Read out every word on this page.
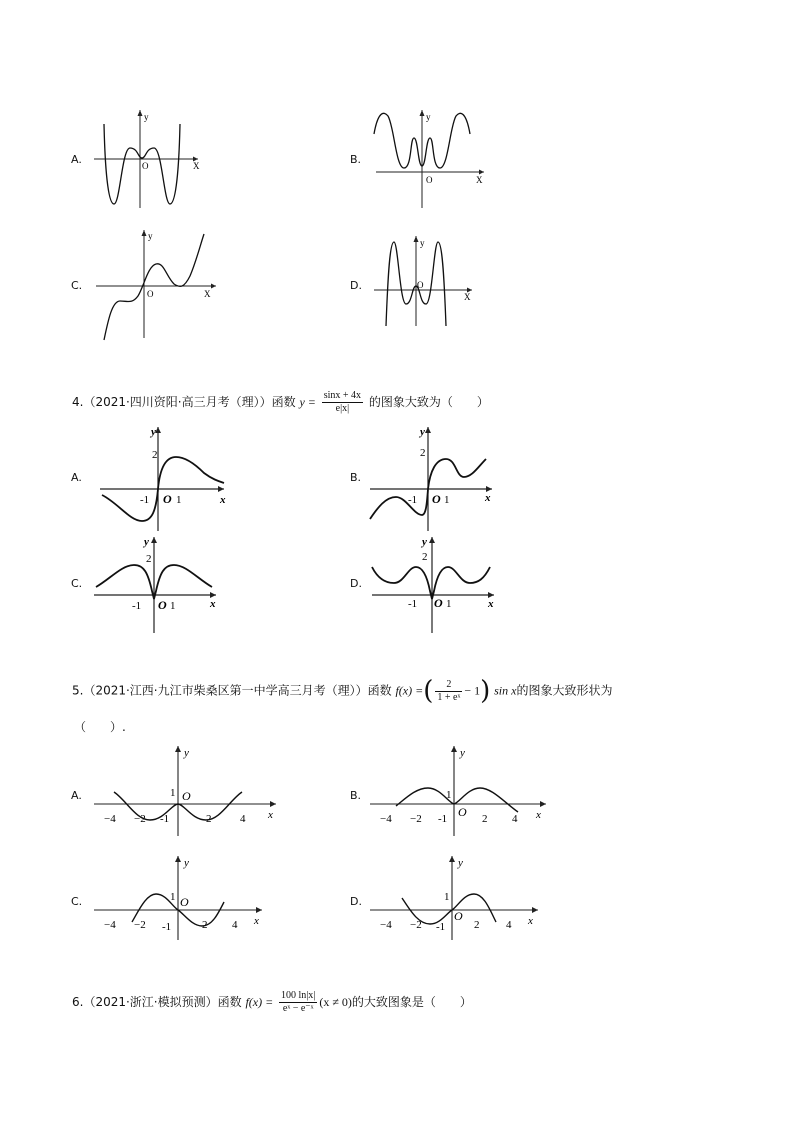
A.
y
O	X	B.
y
O	X
C.
y
O	X
D.
y
O
X
4.（2021·四川资阳·高三月考（理））函数 $y = \frac{\sin x + 4x}{e|x|}$ 的图象大致为（　　）
A.
y
2
-1 O 1	x
B.
y
2
-1 O 1	x
C.
y
2
-1 O 1	x
D.
y
2
-1 O 1	x
5.（2021·江西·九江市柴桑区第一中学高三月考（理））函数 f(x) =( $\frac{2}{\text{1 + eˣ}} - 1$) sin x的图象大致形状为
（　　）.
A.
y
1 O
-1	x
−4 −2	2	4
B.
y
1
O
-1	x
−4 −2	2 4
C.
y
1 O
-1	x
−4 −2	2 4
D.
y
1
O
-1	x
−4 −2	2 4
6.（2021·浙江·模拟预测）函数 $f(x) = \frac{100 \ln|x|}{\text{eˣ − e⁻ˣ}} (x \ne 0)$的大致图象是（　　）
